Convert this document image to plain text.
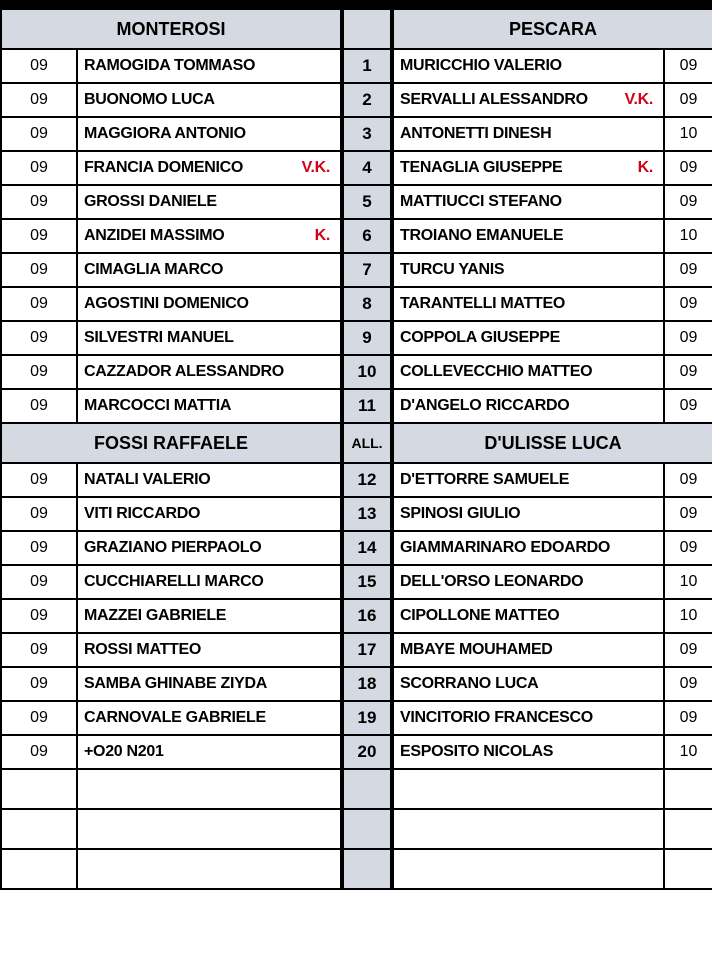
MONTEROSI			PESCARA	
09	RAMOGIDA TOMMASO	1	MURICCHIO VALERIO	09
09	BUONOMO LUCA	2	SERVALLI ALESSANDRO V.K.	09
09	MAGGIORA ANTONIO	3	ANTONETTI DINESH	10
09	FRANCIA DOMENICO V.K.	4	TENAGLIA GIUSEPPE K.	09
09	GROSSI DANIELE	5	MATTIUCCI STEFANO	09
09	ANZIDEI MASSIMO K.	6	TROIANO EMANUELE	10
09	CIMAGLIA MARCO	7	TURCU YANIS	09
09	AGOSTINI DOMENICO	8	TARANTELLI MATTEO	09
09	SILVESTRI MANUEL	9	COPPOLA GIUSEPPE	09
09	CAZZADOR ALESSANDRO	10	COLLEVECCHIO MATTEO	09
09	MARCOCCI MATTIA	11	D'ANGELO RICCARDO	09
FOSSI RAFFAELE		ALL.	D'ULISSE LUCA	
09	NATALI VALERIO	12	D'ETTORRE SAMUELE	09
09	VITI RICCARDO	13	SPINOSI GIULIO	09
09	GRAZIANO PIERPAOLO	14	GIAMMARINARO EDOARDO	09
09	CUCCHIARELLI MARCO	15	DELL'ORSO LEONARDO	10
09	MAZZEI GABRIELE	16	CIPOLLONE MATTEO	10
09	ROSSI MATTEO	17	MBAYE MOUHAMED	09
09	SAMBA GHINABE ZIYDA	18	SCORRANO LUCA	09
09	CARNOVALE GABRIELE	19	VINCITORIO FRANCESCO	09
09	+O20 N201	20	ESPOSITO NICOLAS	10
